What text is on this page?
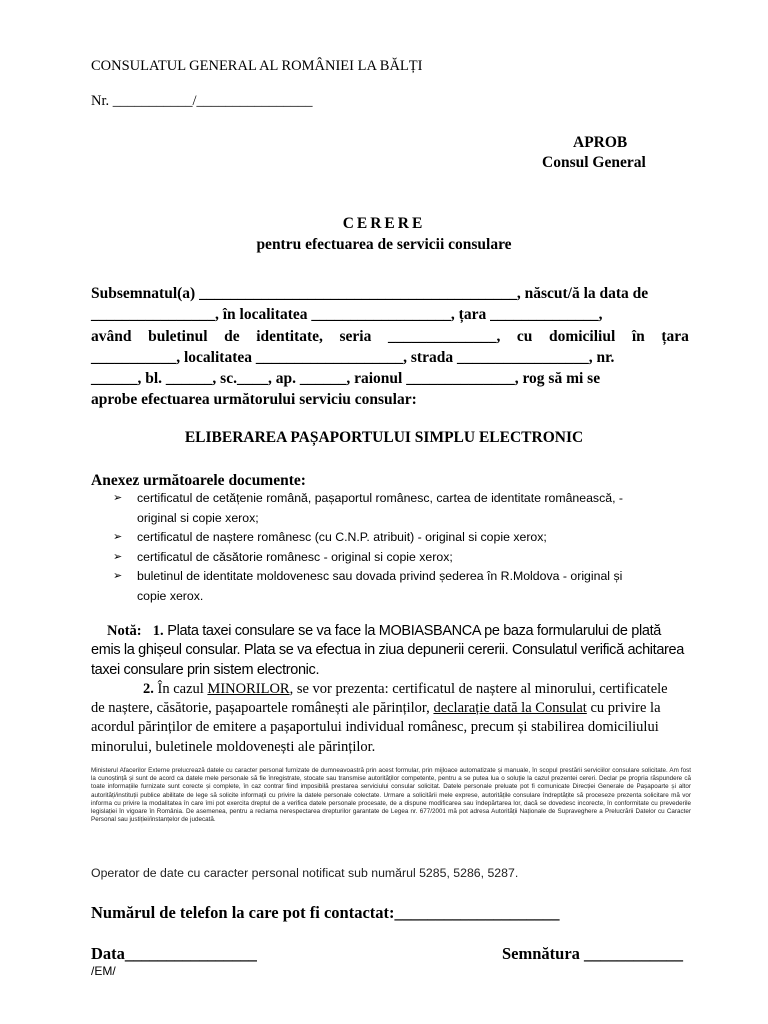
CONSULATUL GENERAL AL ROMÂNIEI LA BĂLȚI
Nr. ___________/________________
APROB
Consul General
CERERE
pentru efectuarea de servicii consulare
Subsemnatul(a) _________________________________________, născut/ă la data de
________________, în localitatea __________________, țara ______________,
având buletinul de identitate, seria ______________, cu domiciliul în țara
___________, localitatea ___________________, strada _________________, nr.
______, bl. ______, sc.____, ap. ______, raionul ______________, rog să mi se
aprobe efectuarea următorului serviciu consular:
ELIBERAREA PAȘAPORTULUI SIMPLU ELECTRONIC
Anexez următoarele documente:
➢ certificatul de cetățenie română, pașaportul românesc, cartea de identitate românească, -
original si copie xerox;
➢ certificatul de naștere românesc (cu C.N.P. atribuit) - original si copie xerox;
➢ certificatul de căsătorie românesc - original si copie xerox;
➢ buletinul de identitate moldovenesc sau dovada privind șederea în R.Moldova - original și
copie xerox.
Notă: 1. Plata taxei consulare se va face la MOBIASBANCA pe baza formularului de plată
emis la ghișeul consular. Plata se va efectua in ziua depunerii cererii. Consulatul verifică achitarea
taxei consulare prin sistem electronic.
2. În cazul MINORILOR, se vor prezenta: certificatul de naștere al minorului, certificatele
de naștere, căsătorie, pașapoartele românești ale părinților, declarație dată la Consulat cu privire la
acordul părinților de emitere a pașaportului individual românesc, precum și stabilirea domiciliului
minorului, buletinele moldovenești ale părinților.
Ministerul Afacerilor Externe prelucrează datele cu caracter personal furnizate de dumneavoastră prin acest formular, prin mijloace automatizate și manuale, în scopul prestării serviciilor consulare solicitate. Am fost la cunoștință și sunt de acord ca datele mele personale să fie înregistrate, stocate sau transmise autorităților competente, pentru a se putea lua o soluție la cazul prezentei cereri. Declar pe propria răspundere că toate informațiile furnizate sunt corecte și complete, în caz contrar fiind imposibilă prestarea serviciului consular solicitat. Datele personale preluate pot fi comunicate Direcției Generale de Pașapoarte și altor autorități/instituții publice abilitate de lege să solicite informații cu privire la datele personale colectate. Urmare a solicitării mele exprese, autoritățile consulare îndreptățite să proceseze prezenta solicitare mă vor informa cu privire la modalitatea în care îmi pot exercita dreptul de a verifica datele personale procesate, de a dispune modificarea sau îndepărtarea lor, dacă se dovedesc incorecte, în conformitate cu prevederile legislației în vigoare în România. De asemenea, pentru a reclama nerespectarea drepturilor garantate de Legea nr. 677/2001 mă pot adresa Autorității Naționale de Supraveghere a Prelucrării Datelor cu Caracter Personal sau justiției/instanțelor de judecată.
Operator de date cu caracter personal notificat sub numărul 5285, 5286, 5287.
Numărul de telefon la care pot fi contactat:____________________
Data________________	Semnătura ____________
/EM/
